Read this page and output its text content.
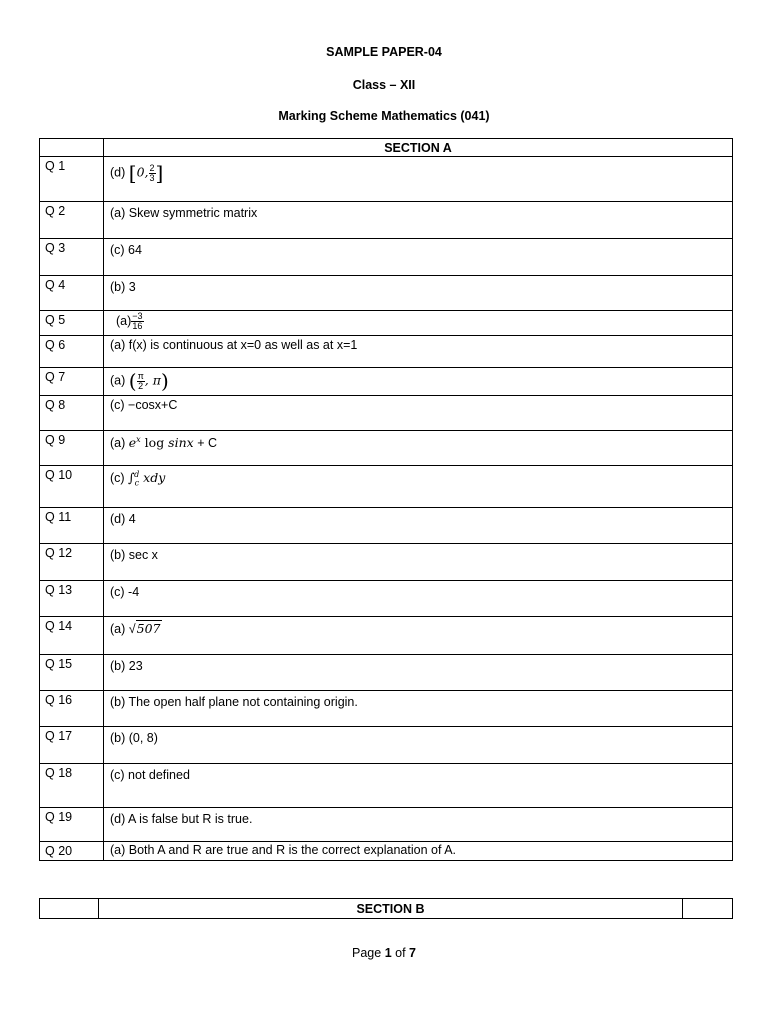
SAMPLE PAPER-04
Class – XII
Marking Scheme Mathematics (041)
	SECTION A
Q 1	(d) [0, $\frac{2}{3}$ ]
Q 2	(a) Skew symmetric matrix
Q 3	(c) 64
Q 4	(b) 3
Q 5	$(a) \frac{-3}{16}$

Q 6	(a) f(x) is continuous at x=0 as well as at x=1
Q 7	(a) ( $\frac{\pi}{2}$ , π)
Q 8	(c) −cosx+C
Q 9	(a) $e^x$ log sinx + C
Q 10	(c) $\int_c^d$ xdy
Q 11	(d) 4
Q 12	(b) sec x
Q 13	(c) -4
Q 14	(a) √507
Q 15	(b) 23
Q 16	(b) The open half plane not containing origin.
Q 17	(b) (0, 8)
Q 18	(c) not defined
Q 19	(d) A is false but R is true.
Q 20	(a) Both A and R are true and R is the correct explanation of A.
	SECTION B	
Page 1 of 7
